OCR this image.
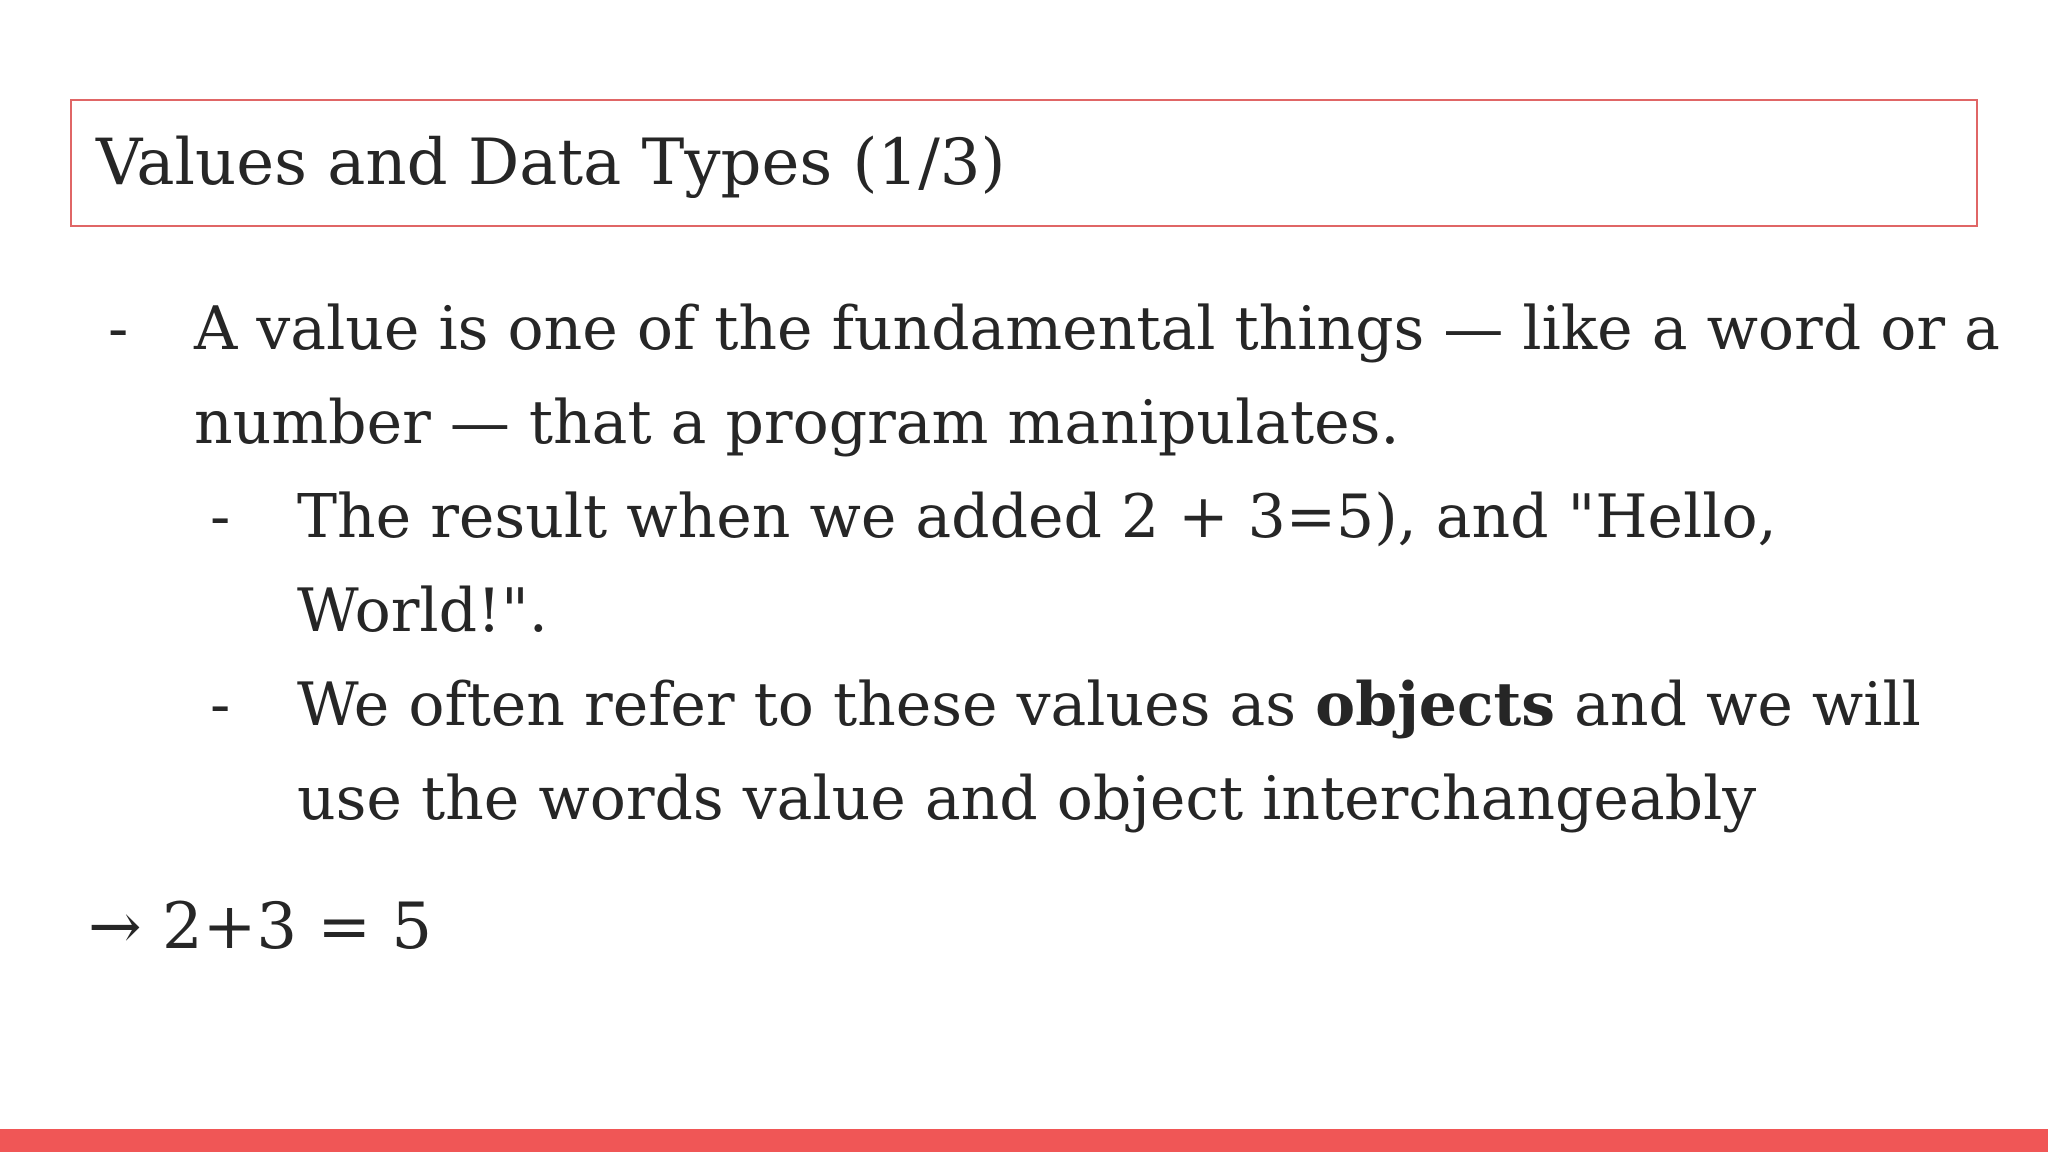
Values and Data Types (1/3)
- A value is one of the fundamental things — like a word or a
number — that a program manipulates.
- The result when we added 2 + 3=5), and "Hello,
World!".
- We often refer to these values as objects and we will
use the words value and object interchangeably
→ 2+3 = 5
